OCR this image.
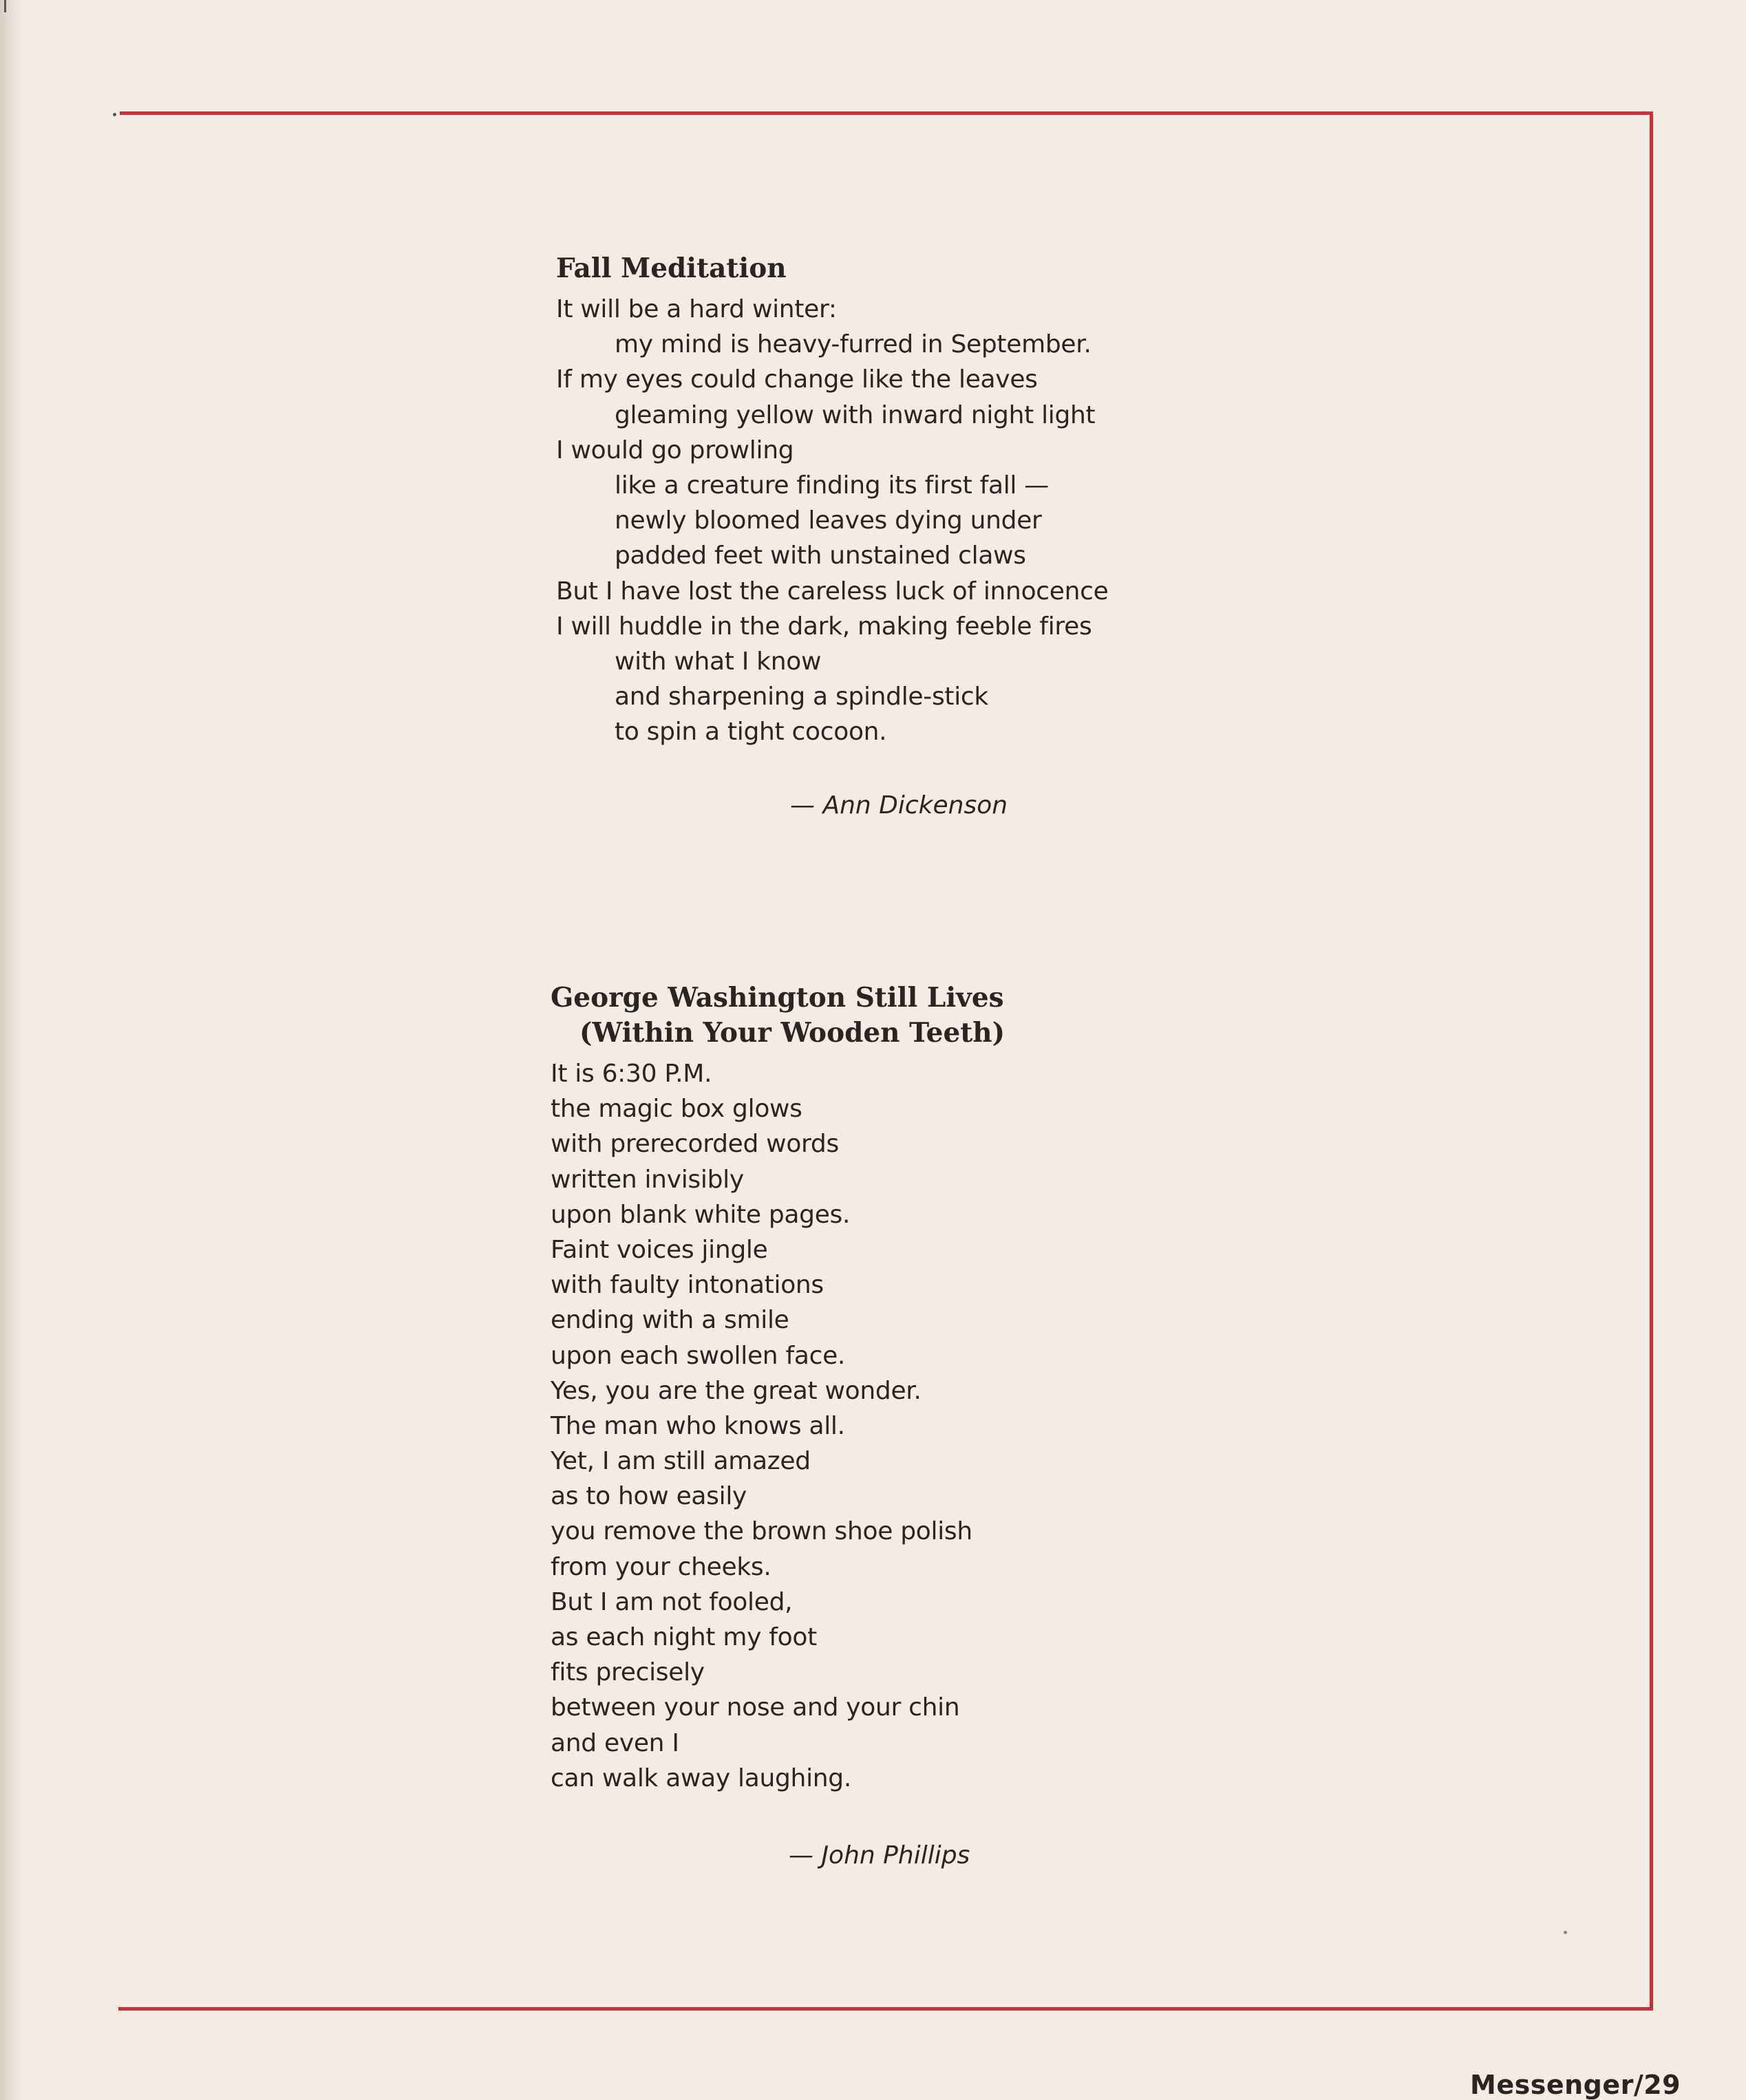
Fall Meditation
It will be a hard winter:
my mind is heavy-furred in September.
If my eyes could change like the leaves
gleaming yellow with inward night light
I would go prowling
like a creature finding its first fall —
newly bloomed leaves dying under
padded feet with unstained claws
But I have lost the careless luck of innocence
I will huddle in the dark, making feeble fires
with what I know
and sharpening a spindle-stick
to spin a tight cocoon.
— Ann Dickenson
George Washington Still Lives
(Within Your Wooden Teeth)
It is 6:30 P.M.
the magic box glows
with prerecorded words
written invisibly
upon blank white pages.
Faint voices jingle
with faulty intonations
ending with a smile
upon each swollen face.
Yes, you are the great wonder.
The man who knows all.
Yet, I am still amazed
as to how easily
you remove the brown shoe polish
from your cheeks.
But I am not fooled,
as each night my foot
fits precisely
between your nose and your chin
and even I
can walk away laughing.
— John Phillips
Messenger/29
